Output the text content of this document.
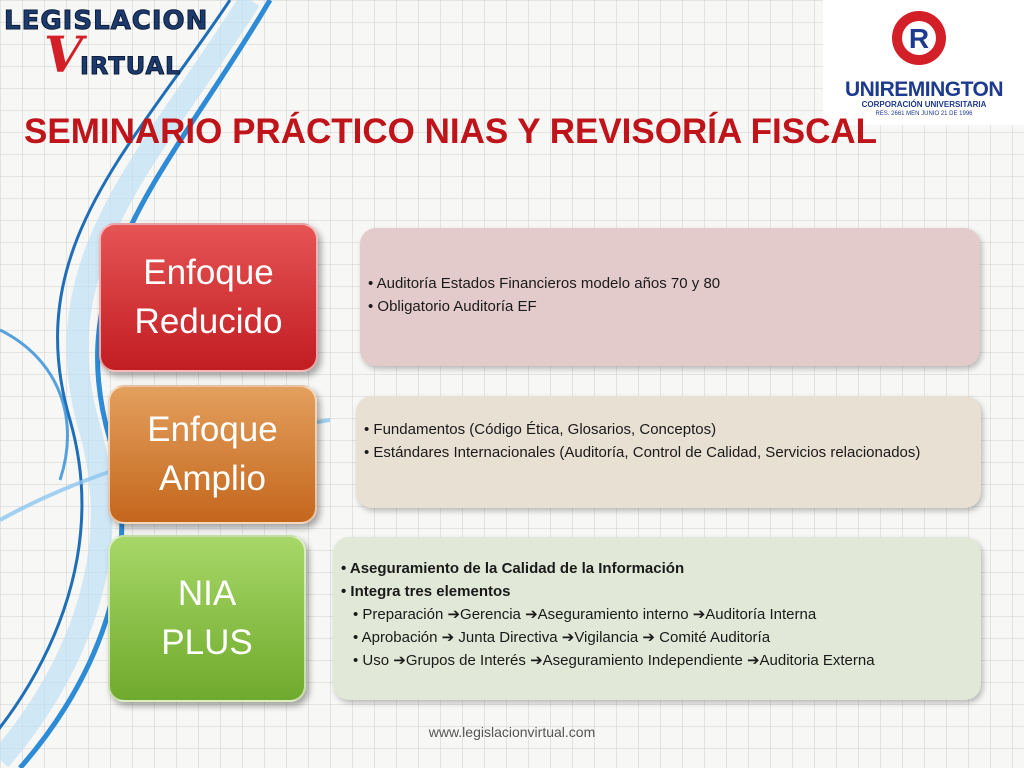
LEGISLACION
V
IRTUAL
R
UNIREMINGTON
CORPORACIÓN UNIVERSITARIA
RES. 2661 MEN JUNIO 21 DE 1996
SEMINARIO PRÁCTICO NIAS Y REVISORÍA FISCAL
Enfoque
Reducido
• Auditoría Estados Financieros modelo años 70 y 80
• Obligatorio Auditoría EF
Enfoque
Amplio
• Fundamentos (Código Ética, Glosarios, Conceptos)
• Estándares Internacionales (Auditoría, Control de Calidad, Servicios relacionados)
NIA
PLUS
• Aseguramiento de la Calidad de la Información
• Integra tres elementos
• Preparación ➔Gerencia ➔Aseguramiento interno ➔Auditoría Interna
• Aprobación ➔ Junta Directiva ➔Vigilancia ➔ Comité Auditoría
• Uso ➔Grupos de Interés ➔Aseguramiento Independiente ➔Auditoria Externa
www.legislacionvirtual.com
